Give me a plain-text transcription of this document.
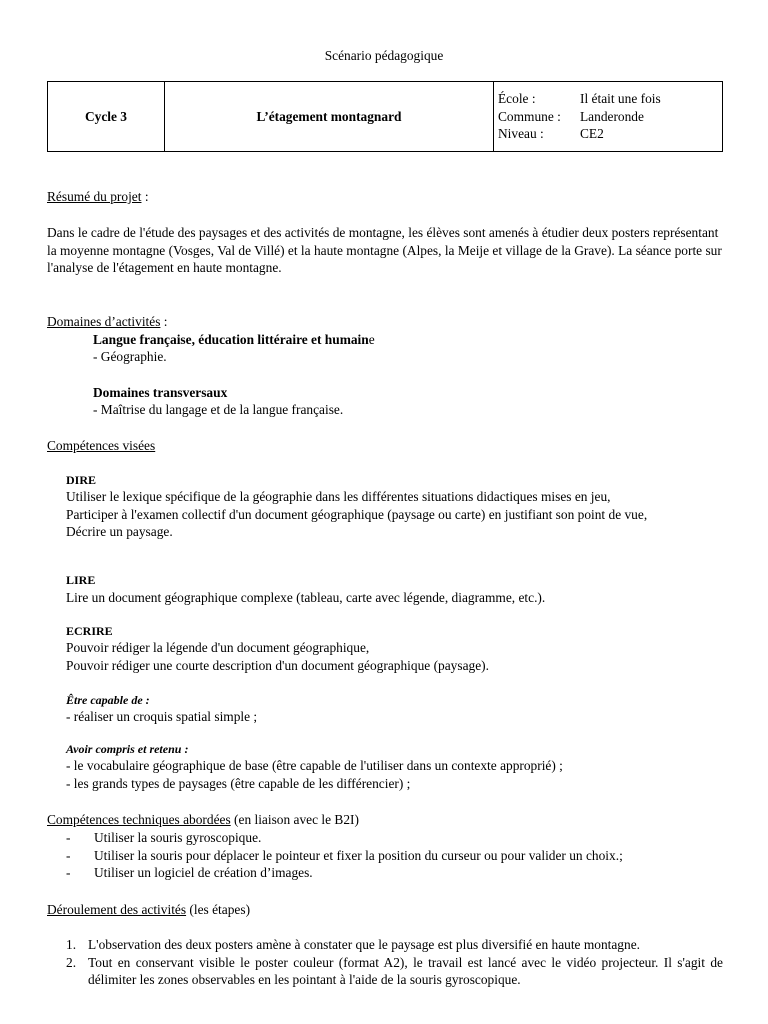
Scénario pédagogique
Cycle 3	L’étagement montagnard	
École :	Il était une fois
Commune :	Landeronde
Niveau :	CE2
Résumé du projet :

Dans le cadre de l'étude des paysages et des activités de montagne, les élèves sont amenés à étudier deux posters représentant la moyenne montagne (Vosges, Val de Villé) et la haute montagne (Alpes, la Meije et village de la Grave). La séance porte sur l'analyse de l'étagement en haute montagne.

Domaines d’activités :
Langue française, éducation littéraire et humaine
- Géographie.
Domaines transversaux
- Maîtrise du langage et de la langue française.
Compétences visées
DIRE
Utiliser le lexique spécifique de la géographie dans les différentes situations didactiques mises en jeu,
Participer à l'examen collectif d'un document géographique (paysage ou carte) en justifiant son point de vue,
Décrire un paysage.
LIRE
Lire un document géographique complexe (tableau, carte avec légende, diagramme, etc.).
ECRIRE
Pouvoir rédiger la légende d'un document géographique,
Pouvoir rédiger une courte description d'un document géographique (paysage).
Être capable de :
- réaliser un croquis spatial simple ;
Avoir compris et retenu :
- le vocabulaire géographique de base (être capable de l'utiliser dans un contexte approprié) ;
- les grands types de paysages (être capable de les différencier) ;
Compétences techniques abordées (en liaison avec le B2I)
-	Utiliser la souris gyroscopique.
-	Utiliser la souris pour déplacer le pointeur et fixer la position du curseur ou pour valider un choix.;
-	Utiliser un logiciel de création d’images.
Déroulement des activités (les étapes)
1. L'observation des deux posters amène à constater que le paysage est plus diversifié en haute montagne.
2. Tout en conservant visible le poster couleur (format A2), le travail est lancé avec le vidéo projecteur. Il s'agit de délimiter les zones observables en les pointant à l'aide de la souris gyroscopique.
